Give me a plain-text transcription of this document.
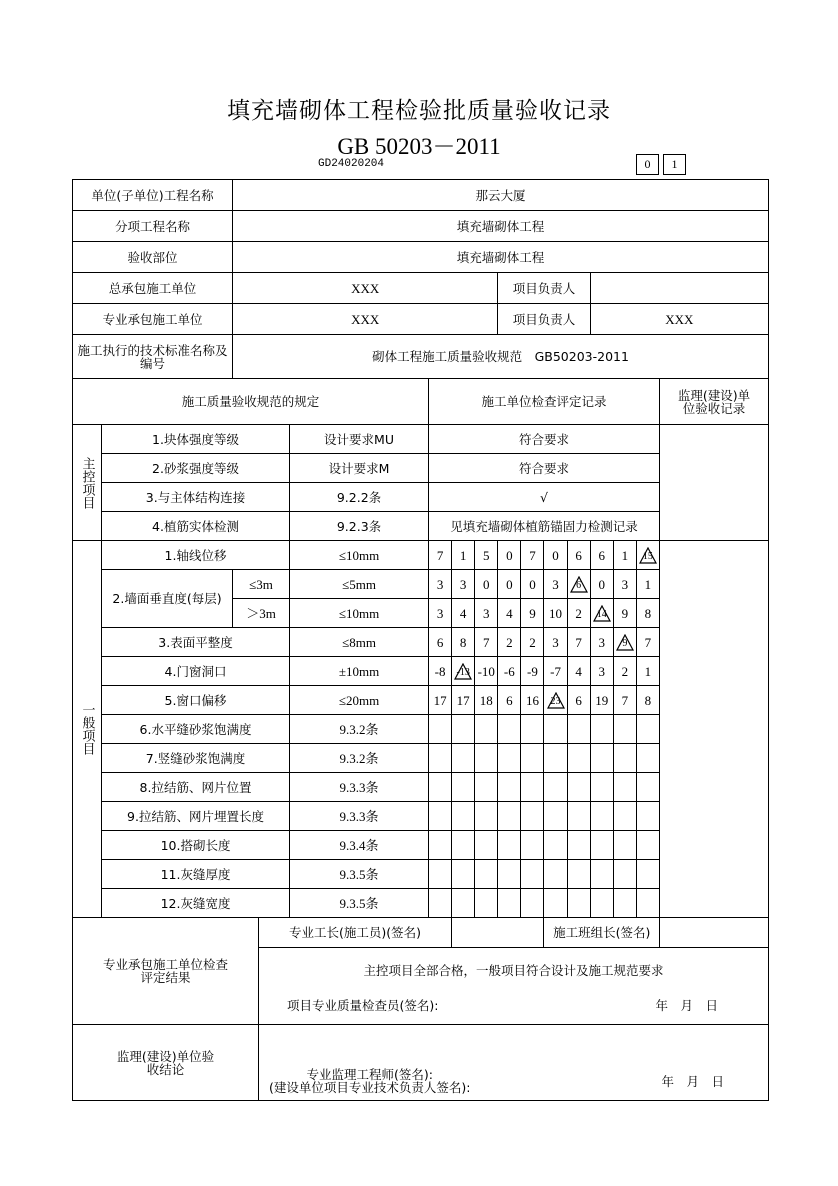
填充墙砌体工程检验批质量验收记录
GB 50203－2011
GD24020204	0	1
单位(子单位)工程名称		那云大厦													
分项工程名称		填充墙砌体工程													
验收部位		填充墙砌体工程													
总承包施工单位		XXX						项目负责人							
专业承包施工单位		XXX						项目负责人				XXX			
施工执行的技术标准名称及编号		砌体工程施工质量验收规范　GB50203-2011													
施工质量验收规范的规定					施工单位检查评定记录										监理(建设)单位验收记录
主控项目	1.块体强度等级			设计要求MU	符合要求										
	2.砂浆强度等级			设计要求M	符合要求										
	3.与主体结构连接			9.2.2条	√										
	4.植筋实体检测			9.2.3条	见填充墙砌体植筋锚固力检测记录										
一般项目	1.轴线位移			≤10mm	7	1	5	0	7	0	6	6	1	15	
	2.墙面垂直度(每层)	≤3m		≤5mm	3	3	0	0	0	3	6	0	3	1	
		＞3m		≤10mm	3	4	3	4	9	10	2	14	9	8	
	3.表面平整度			≤8mm	6	8	7	2	2	3	7	3	9	7	
	4.门窗洞口			±10mm	-8	-13	-10	-6	-9	-7	4	3	2	1	
	5.窗口偏移			≤20mm	17	17	18	6	16	23	6	19	7	8	
	6.水平缝砂浆饱满度			9.3.2条											
	7.竖缝砂浆饱满度			9.3.2条											
	8.拉结筋、网片位置			9.3.3条											
	9.拉结筋、网片埋置长度			9.3.3条											
	10.搭砌长度			9.3.4条											
	11.灰缝厚度			9.3.5条											
	12.灰缝宽度			9.3.5条											
专业承包施工单位检查评定结果			专业工长(施工员)(签名)							施工班组长(签名)					

			主控项目全部合格，一般项目符合设计及施工规范要求
项目专业质量检查员(签名): 年　月　日												

监理(建设)单位验收结论			专业监理工程师(签名):
(建设单位项目专业技术负责人签名): 年　月　日												
